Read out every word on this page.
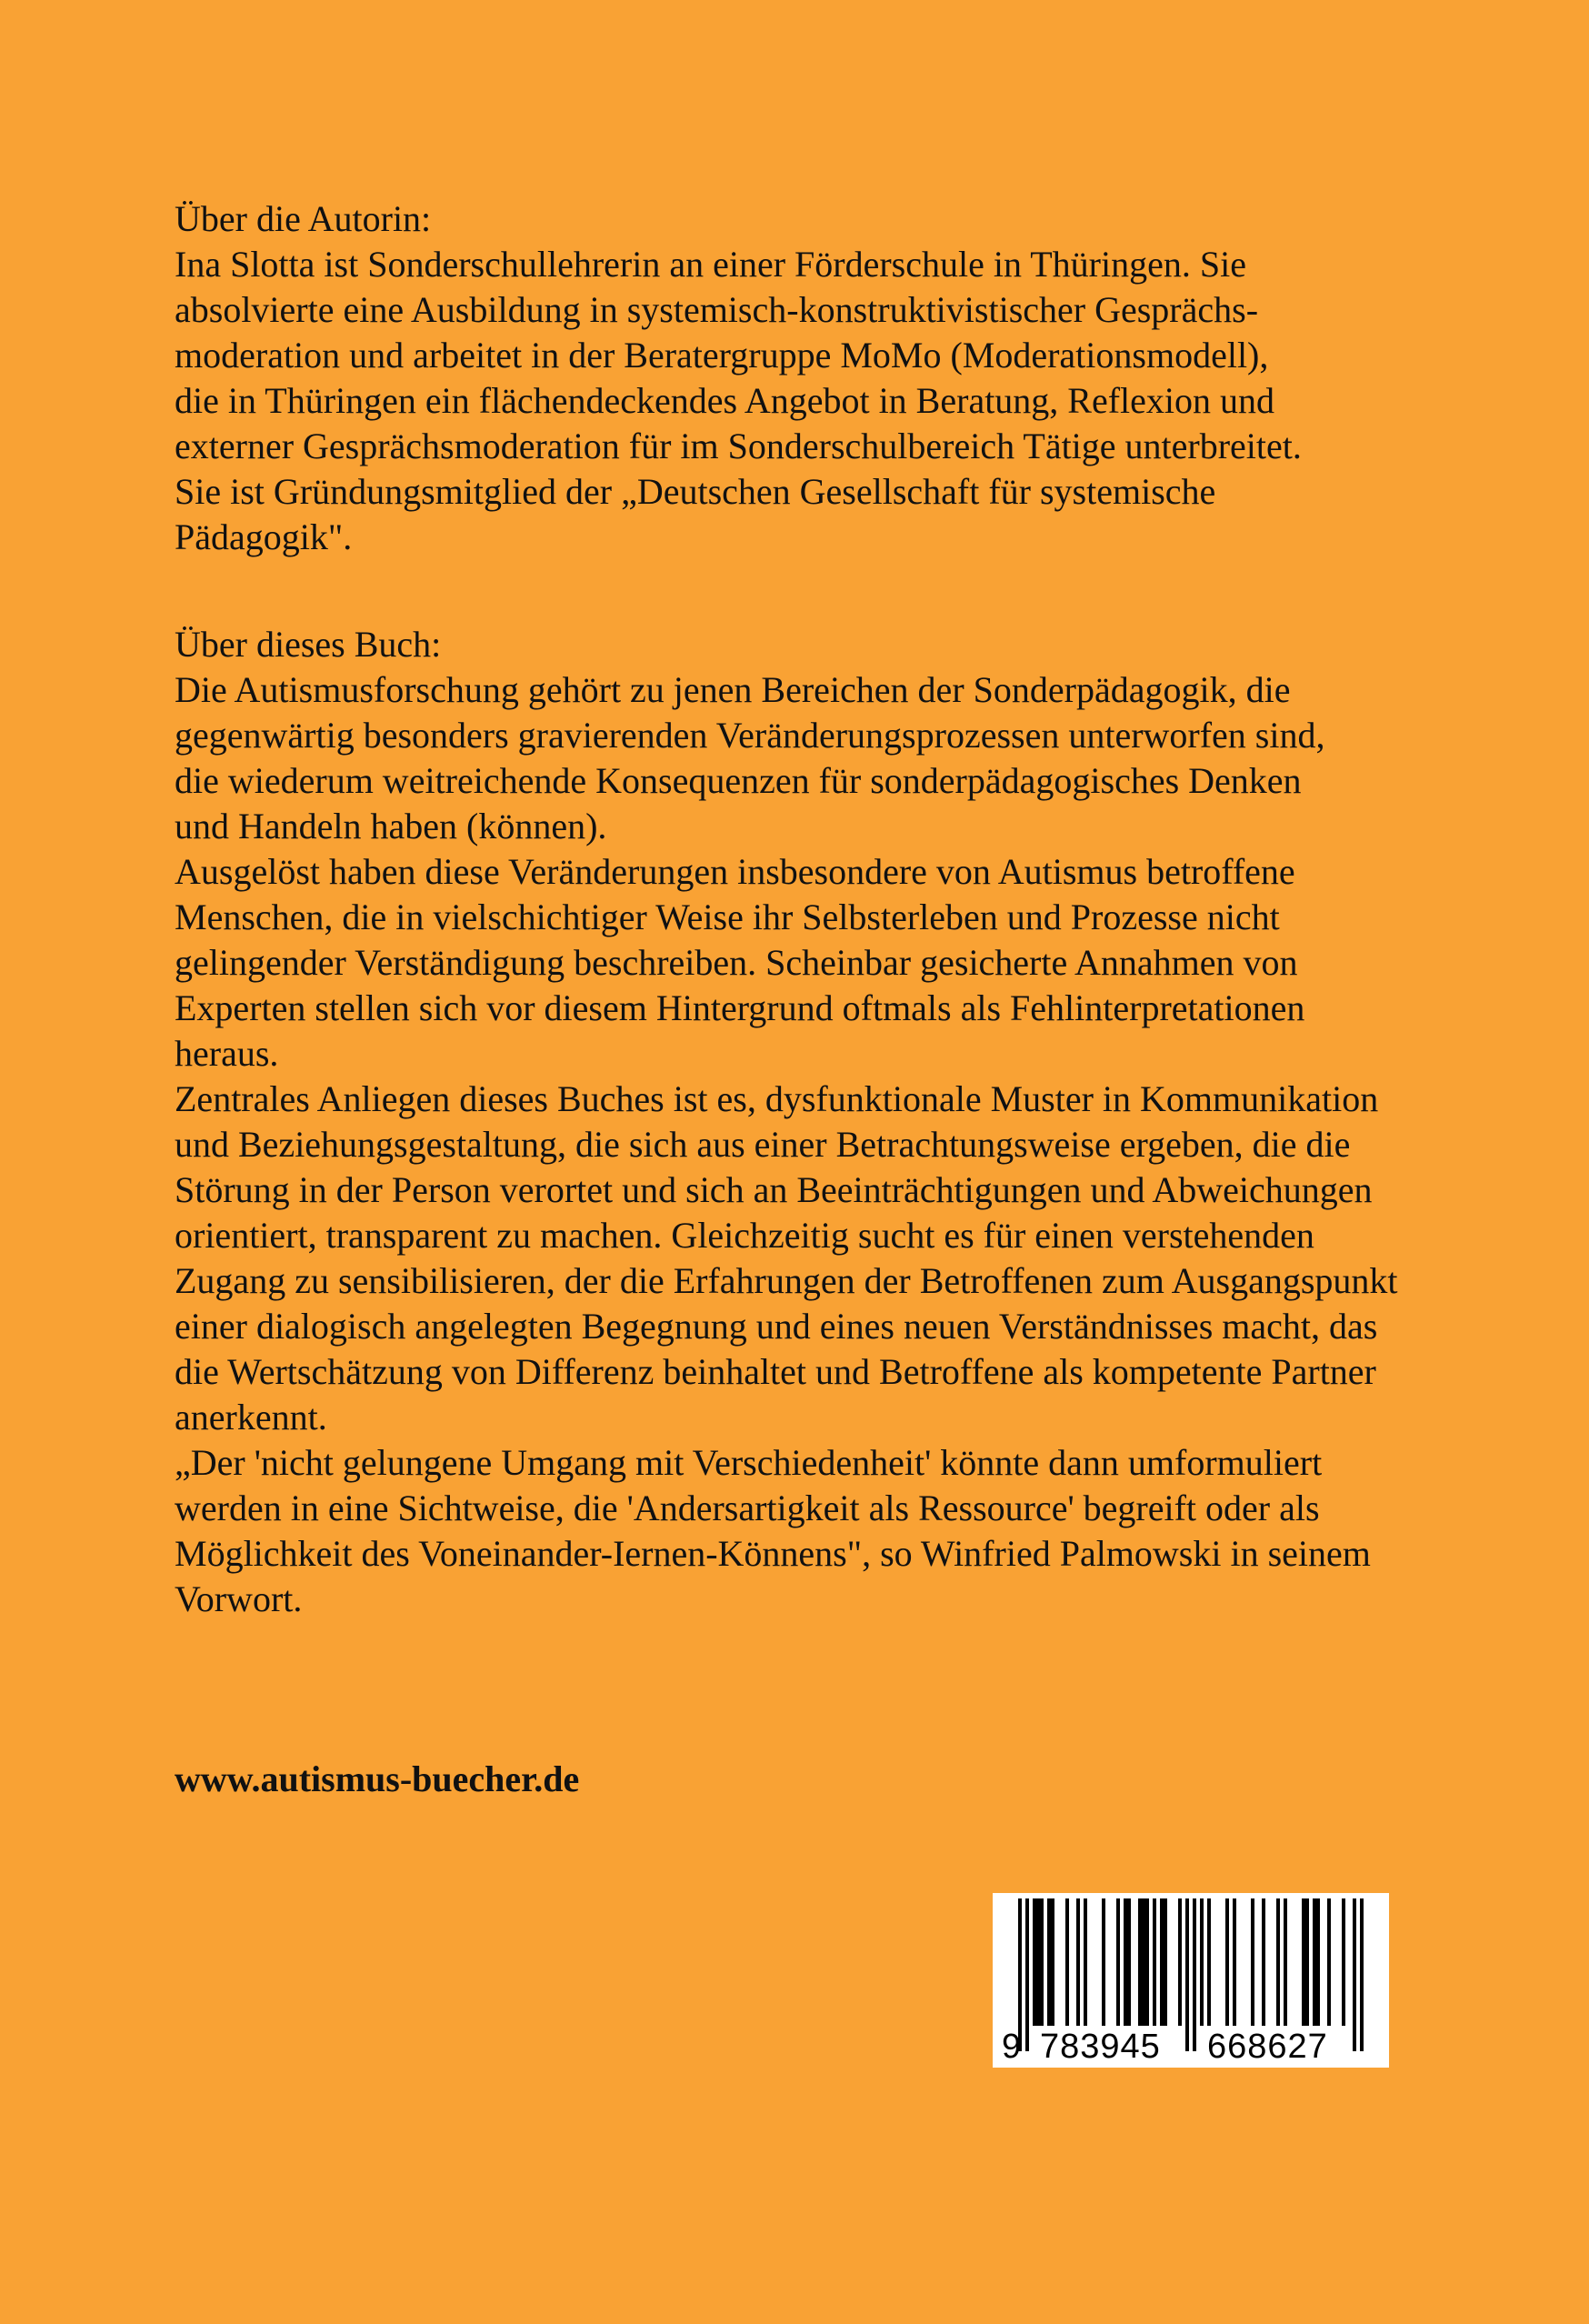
Über die Autorin:
Ina Slotta ist Sonderschullehrerin an einer Förderschule in Thüringen. Sie
absolvierte eine Ausbildung in systemisch-konstruktivistischer Gesprächs-
moderation und arbeitet in der Beratergruppe MoMo (Moderationsmodell),
die in Thüringen ein flächendeckendes Angebot in Beratung, Reflexion und
externer Gesprächsmoderation für im Sonderschulbereich Tätige unterbreitet.
Sie ist Gründungsmitglied der „Deutschen Gesellschaft für systemische
Pädagogik".
Über dieses Buch:
Die Autismusforschung gehört zu jenen Bereichen der Sonderpädagogik, die
gegenwärtig besonders gravierenden Veränderungsprozessen unterworfen sind,
die wiederum weitreichende Konsequenzen für sonderpädagogisches Denken
und Handeln haben (können).
Ausgelöst haben diese Veränderungen insbesondere von Autismus betroffene
Menschen, die in vielschichtiger Weise ihr Selbsterleben und Prozesse nicht
gelingender Verständigung beschreiben. Scheinbar gesicherte Annahmen von
Experten stellen sich vor diesem Hintergrund oftmals als Fehlinterpretationen
heraus.
Zentrales Anliegen dieses Buches ist es, dysfunktionale Muster in Kommunikation
und Beziehungsgestaltung, die sich aus einer Betrachtungsweise ergeben, die die
Störung in der Person verortet und sich an Beeinträchtigungen und Abweichungen
orientiert, transparent zu machen. Gleichzeitig sucht es für einen verstehenden
Zugang zu sensibilisieren, der die Erfahrungen der Betroffenen zum Ausgangspunkt
einer dialogisch angelegten Begegnung und eines neuen Verständnisses macht, das
die Wertschätzung von Differenz beinhaltet und Betroffene als kompetente Partner
anerkennt.
„Der 'nicht gelungene Umgang mit Verschiedenheit' könnte dann umformuliert
werden in eine Sichtweise, die 'Andersartigkeit als Ressource' begreift oder als
Möglichkeit des Voneinander-Iernen-Könnens", so Winfried Palmowski in seinem
Vorwort.
www.autismus-buecher.de
9 783945 668627
